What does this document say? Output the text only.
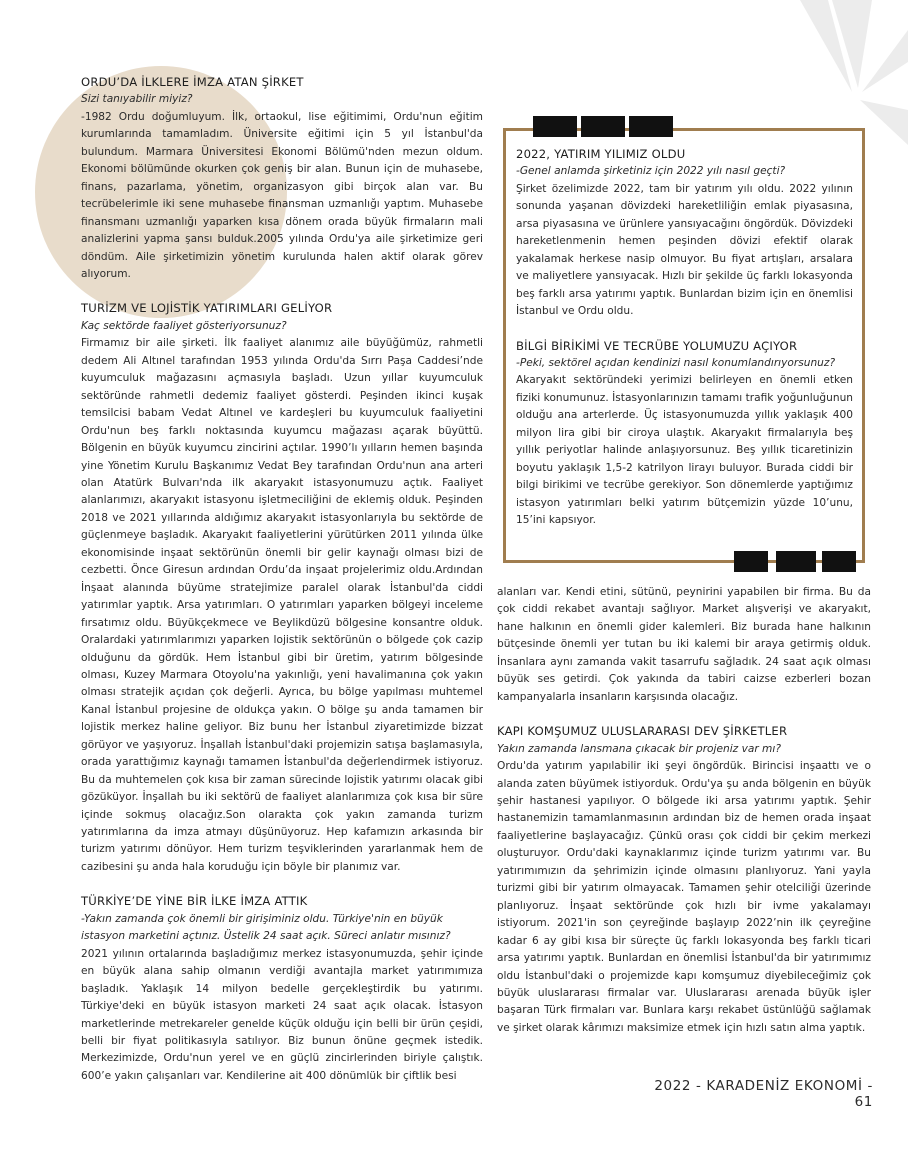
ORDU’DA İLKLERE İMZA ATAN ŞİRKET

Sizi tanıyabilir miyiz?

-1982 Ordu doğumluyum. İlk, ortaokul, lise eğitimimi, Ordu'nun eğitim kurumlarında tamamladım. Üniversite eğitimi için 5 yıl İstanbul'da bulundum. Marmara Üniversitesi Ekonomi Bölümü'nden mezun oldum. Ekonomi bölümünde okurken çok geniş bir alan. Bunun için de muhasebe, finans, pazarlama, yönetim, organizasyon gibi birçok alan var. Bu tecrübelerimle iki sene muhasebe finansman uzmanlığı yaptım. Muhasebe finansmanı uzmanlığı yaparken kısa dönem orada büyük firmaların mali analizlerini yapma şansı bulduk.2005 yılında Ordu'ya aile şirketimize geri döndüm. Aile şirketimizin yönetim kurulunda halen aktif olarak görev alıyorum.

TURİZM VE LOJİSTİK YATIRIMLARI GELİYOR

Kaç sektörde faaliyet gösteriyorsunuz?

Firmamız bir aile şirketi. İlk faaliyet alanımız aile büyüğümüz, rahmetli dedem Ali Altınel tarafından 1953 yılında Ordu'da Sırrı Paşa Caddesi’nde kuyumculuk mağazasını açmasıyla başladı. Uzun yıllar kuyumculuk sektöründe rahmetli dedemiz faaliyet gösterdi. Peşinden ikinci kuşak temsilcisi babam Vedat Altınel ve kardeşleri bu kuyumculuk faaliyetini Ordu'nun beş farklı noktasında kuyumcu mağazası açarak büyüttü. Bölgenin en büyük kuyumcu zincirini açtılar. 1990’lı yılların hemen başında yine Yönetim Kurulu Başkanımız Vedat Bey tarafından Ordu'nun ana arteri olan Atatürk Bulvarı'nda ilk akaryakıt istasyonumuzu açtık. Faaliyet alanlarımızı, akaryakıt istasyonu işletmeciliğini de eklemiş olduk. Peşinden 2018 ve 2021 yıllarında aldığımız akaryakıt istasyonlarıyla bu sektörde de güçlenmeye başladık. Akaryakıt faaliyetlerini yürütürken 2011 yılında ülke ekonomisinde inşaat sektörünün önemli bir gelir kaynağı olması bizi de cezbetti. Önce Giresun ardından Ordu’da inşaat projelerimiz oldu.Ardından İnşaat alanında büyüme stratejimize paralel olarak İstanbul'da ciddi yatırımlar yaptık. Arsa yatırımları. O yatırımları yaparken bölgeyi inceleme fırsatımız oldu. Büyükçekmece ve Beylikdüzü bölgesine konsantre olduk. Oralardaki yatırımlarımızı yaparken lojistik sektörünün o bölgede çok cazip olduğunu da gördük. Hem İstanbul gibi bir üretim, yatırım bölgesinde olması, Kuzey Marmara Otoyolu'na yakınlığı, yeni havalimanına çok yakın olması stratejik açıdan çok değerli. Ayrıca, bu bölge yapılması muhtemel Kanal İstanbul projesine de oldukça yakın. O bölge şu anda tamamen bir lojistik merkez haline geliyor. Biz bunu her İstanbul ziyaretimizde bizzat görüyor ve yaşıyoruz. İnşallah İstanbul'daki projemizin satışa başlamasıyla, orada yarattığımız kaynağı tamamen İstanbul'da değerlendirmek istiyoruz. Bu da muhtemelen çok kısa bir zaman sürecinde lojistik yatırımı olacak gibi gözüküyor. İnşallah bu iki sektörü de faaliyet alanlarımıza çok kısa bir süre içinde sokmuş olacağız.Son olarakta çok yakın zamanda turizm yatırımlarına da imza atmayı düşünüyoruz. Hep kafamızın arkasında bir turizm yatırımı dönüyor. Hem turizm teşviklerinden yararlanmak hem de cazibesini şu anda hala koruduğu için böyle bir planımız var.

TÜRKİYE’DE YİNE BİR İLKE İMZA ATTIK

-Yakın zamanda çok önemli bir girişiminiz oldu. Türkiye'nin en büyük istasyon marketini açtınız. Üstelik 24 saat açık. Süreci anlatır mısınız?

2021 yılının ortalarında başladığımız merkez istasyonumuzda, şehir içinde en büyük alana sahip olmanın verdiği avantajla market yatırımımıza başladık. Yaklaşık 14 milyon bedelle gerçekleştirdik bu yatırımı. Türkiye'deki en büyük istasyon marketi 24 saat açık olacak. İstasyon marketlerinde metrekareler genelde küçük olduğu için belli bir ürün çeşidi, belli bir fiyat politikasıyla satılıyor. Biz bunun önüne geçmek istedik. Merkezimizde, Ordu'nun yerel ve en güçlü zincirlerinden biriyle çalıştık. 600’e yakın çalışanları var. Kendilerine ait 400 dönümlük bir çiftlik besi

2022, YATIRIM YILIMIZ OLDU

-Genel anlamda şirketiniz için 2022 yılı nasıl geçti?

Şirket özelimizde 2022, tam bir yatırım yılı oldu. 2022 yılının sonunda yaşanan dövizdeki hareketliliğin emlak piyasasına, arsa piyasasına ve ürünlere yansıyacağını öngördük. Dövizdeki hareketlenmenin hemen peşinden dövizi efektif olarak yakalamak herkese nasip olmuyor. Bu fiyat artışları, arsalara ve maliyetlere yansıyacak. Hızlı bir şekilde üç farklı lokasyonda beş farklı arsa yatırımı yaptık. Bunlardan bizim için en önemlisi İstanbul ve Ordu oldu.

BİLGİ BİRİKİMİ VE TECRÜBE YOLUMUZU AÇIYOR

-Peki, sektörel açıdan kendinizi nasıl konumlandırıyorsunuz?

Akaryakıt sektöründeki yerimizi belirleyen en önemli etken fiziki konumunuz. İstasyonlarınızın tamamı trafik yoğunluğunun olduğu ana arterlerde. Üç istasyonumuzda yıllık yaklaşık 400 milyon lira gibi bir ciroya ulaştık. Akaryakıt firmalarıyla beş yıllık periyotlar halinde anlaşıyorsunuz. Beş yıllık ticaretinizin boyutu yaklaşık 1,5-2 katrilyon lirayı buluyor. Burada ciddi bir bilgi birikimi ve tecrübe gerekiyor. Son dönemlerde yaptığımız istasyon yatırımları belki yatırım bütçemizin yüzde 10’unu, 15’ini kapsıyor.

alanları var. Kendi etini, sütünü, peynirini yapabilen bir firma. Bu da çok ciddi rekabet avantajı sağlıyor. Market alışverişi ve akaryakıt, hane halkının en önemli gider kalemleri. Biz burada hane halkının bütçesinde önemli yer tutan bu iki kalemi bir araya getirmiş olduk. İnsanlara aynı zamanda vakit tasarrufu sağladık. 24 saat açık olması büyük ses getirdi. Çok yakında da tabiri caizse ezberleri bozan kampanyalarla insanların karşısında olacağız.

KAPI KOMŞUMUZ ULUSLARARASI DEV ŞİRKETLER

Yakın zamanda lansmana çıkacak bir projeniz var mı?

Ordu'da yatırım yapılabilir iki şeyi öngördük. Birincisi inşaattı ve o alanda zaten büyümek istiyorduk. Ordu'ya şu anda bölgenin en büyük şehir hastanesi yapılıyor. O bölgede iki arsa yatırımı yaptık. Şehir hastanemizin tamamlanmasının ardından biz de hemen orada inşaat faaliyetlerine başlayacağız. Çünkü orası çok ciddi bir çekim merkezi oluşturuyor. Ordu'daki kaynaklarımız içinde turizm yatırımı var. Bu yatırımımızın da şehrimizin içinde olmasını planlıyoruz. Yani yayla turizmi gibi bir yatırım olmayacak. Tamamen şehir otelciliği üzerinde planlıyoruz. İnşaat sektöründe çok hızlı bir ivme yakalamayı istiyorum. 2021'in son çeyreğinde başlayıp 2022’nin ilk çeyreğine kadar 6 ay gibi kısa bir süreçte üç farklı lokasyonda beş farklı ticari arsa yatırımı yaptık. Bunlardan en önemlisi İstanbul'da bir yatırımımız oldu İstanbul'daki o projemizde kapı komşumuz diyebileceğimiz çok büyük uluslararası firmalar var. Uluslararası arenada büyük işler başaran Türk firmaları var. Bunlara karşı rekabet üstünlüğü sağlamak ve şirket olarak kârımızı maksimize etmek için hızlı satın alma yaptık.

2022 - KARADENİZ EKONOMİ - 61
